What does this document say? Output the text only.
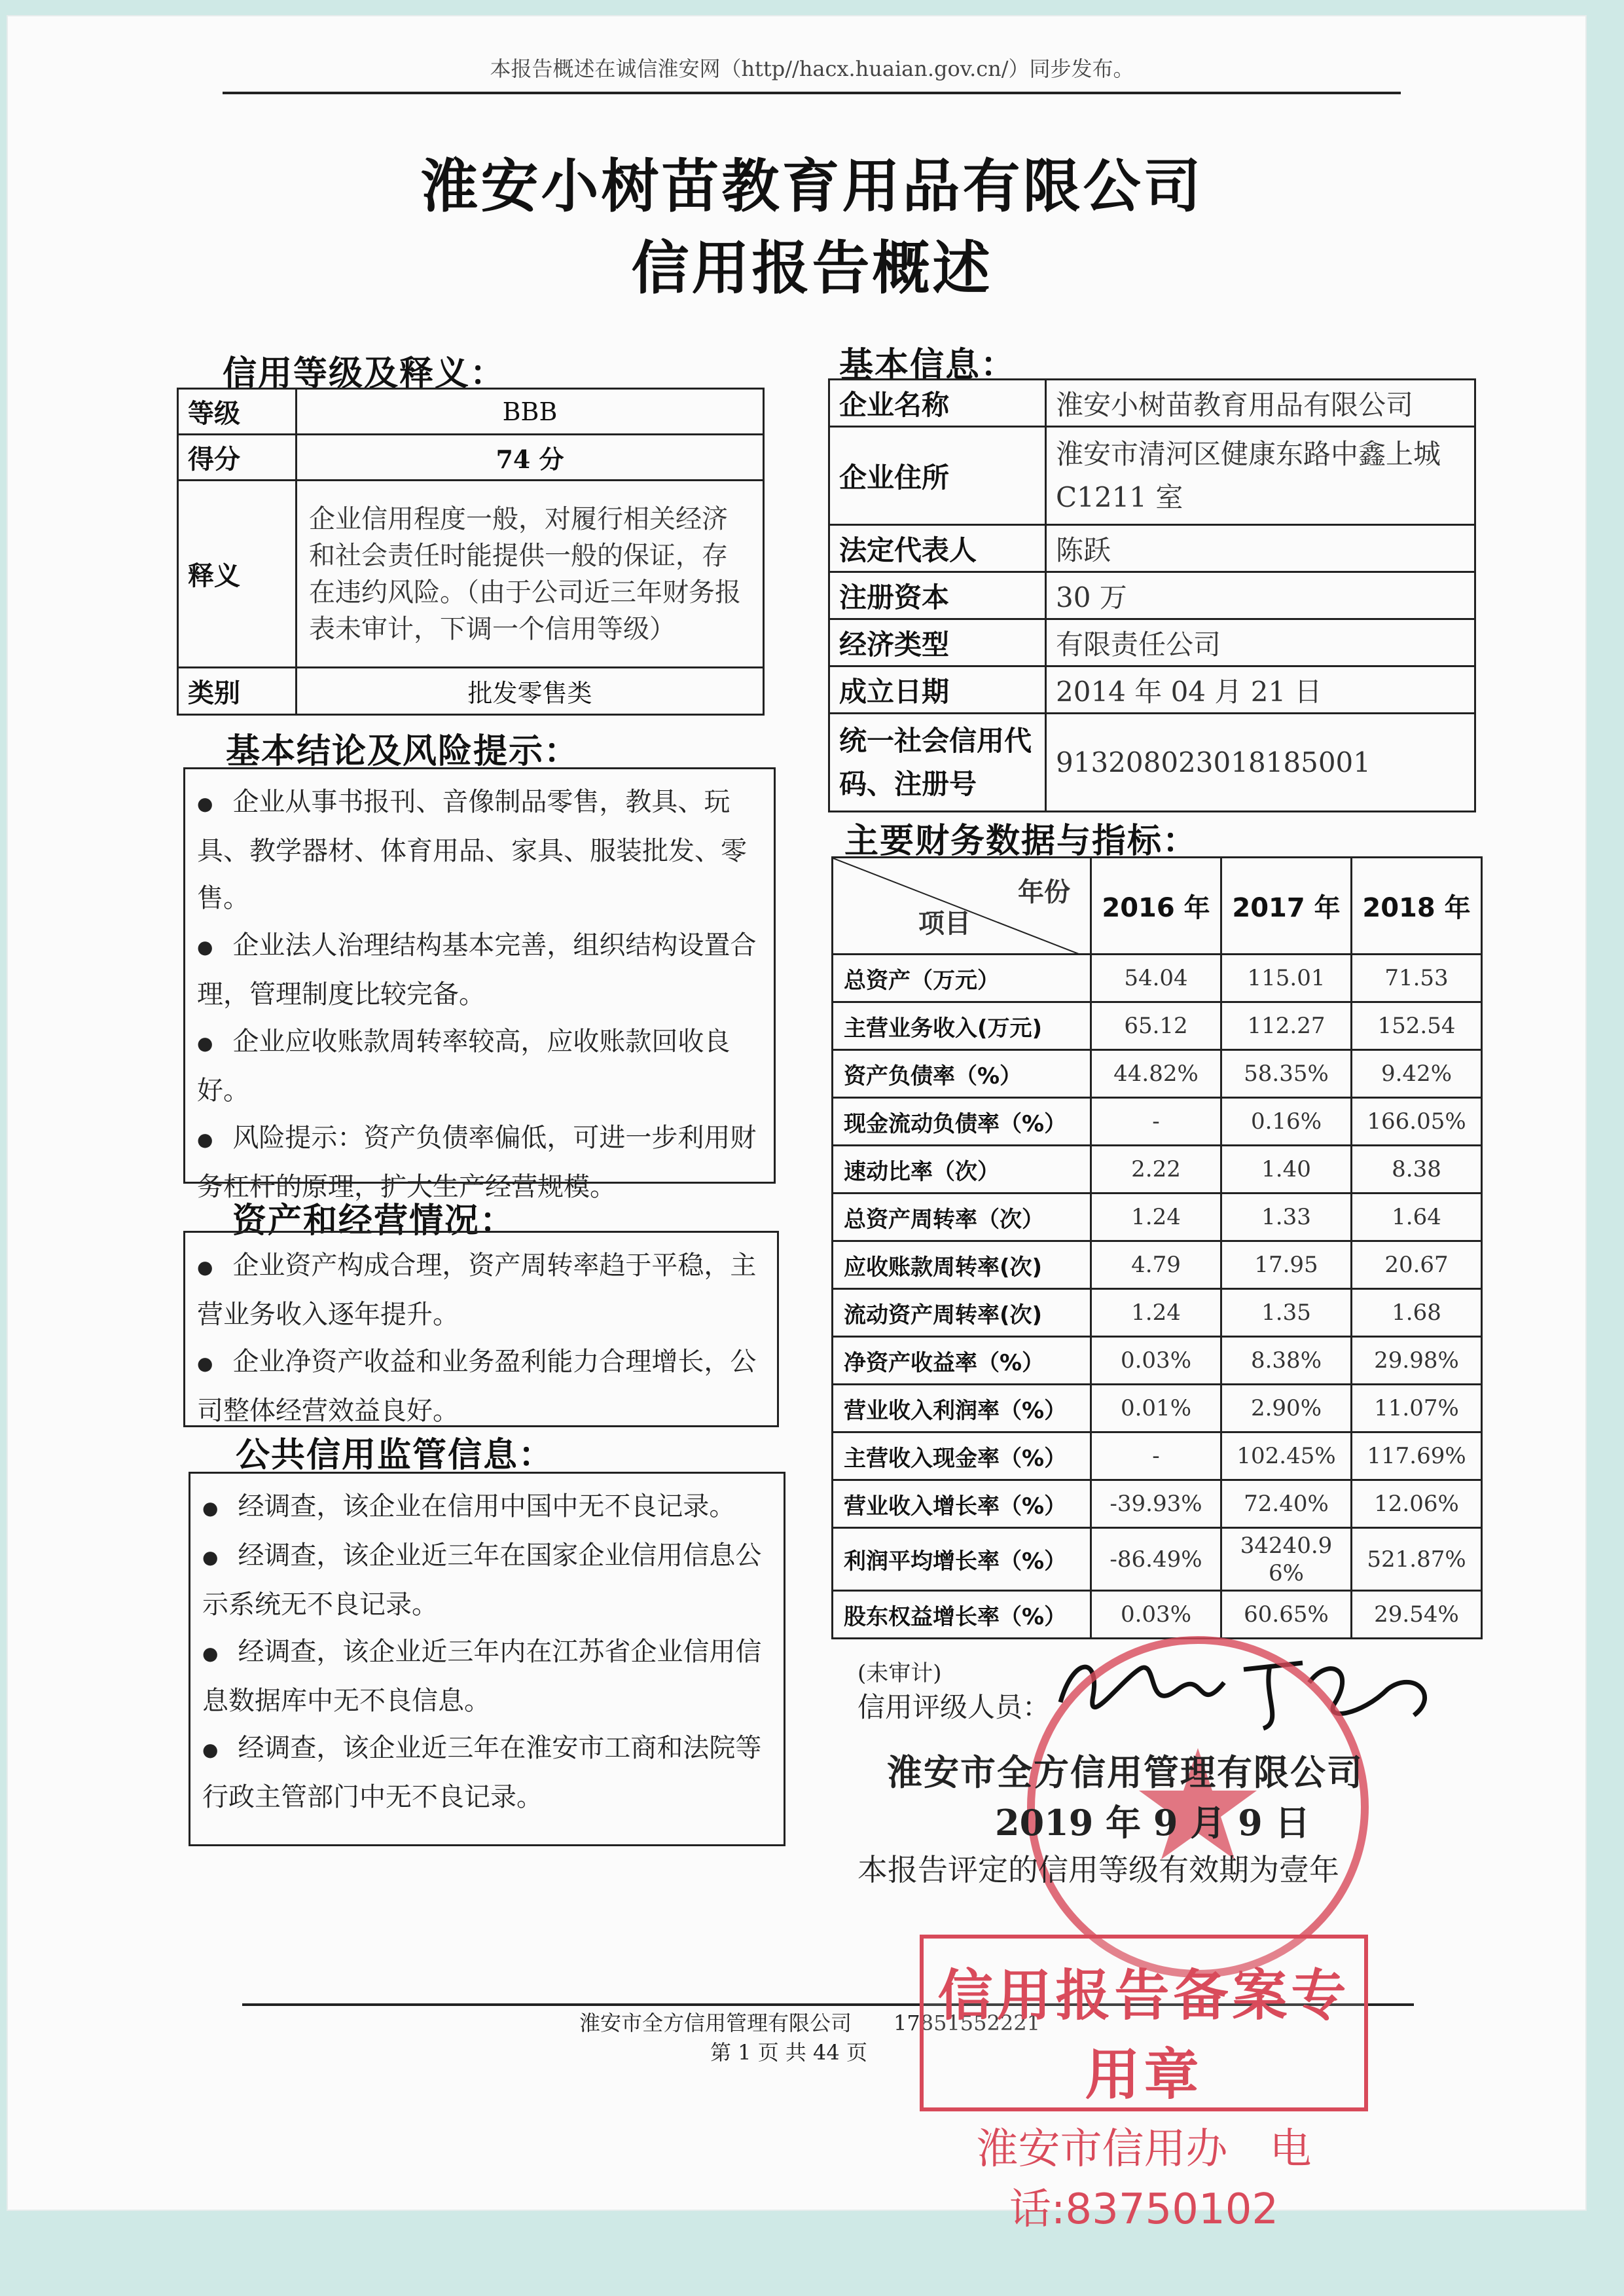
本报告概述在诚信淮安网（http//hacx.huaian.gov.cn/）同步发布。
淮安小树苗教育用品有限公司
信用报告概述
信用等级及释义：
等级	BBB
得分	74 分
释义	企业信用程度一般，对履行相关经济和社会责任时能提供一般的保证，存在违约风险。（由于公司近三年财务报表未审计，下调一个信用等级）
类别	批发零售类
基本结论及风险提示：

● 企业从事书报刊、音像制品零售，教具、玩具、教学器材、体育用品、家具、服装批发、零售。

● 企业法人治理结构基本完善，组织结构设置合理，管理制度比较完备。

● 企业应收账款周转率较高，应收账款回收良好。

● 风险提示：资产负债率偏低，可进一步利用财务杠杆的原理，扩大生产经营规模。

资产和经营情况：

● 企业资产构成合理，资产周转率趋于平稳，主营业务收入逐年提升。

● 企业净资产收益和业务盈利能力合理增长，公司整体经营效益良好。

公共信用监管信息：

● 经调查，该企业在信用中国中无不良记录。

● 经调查，该企业近三年在国家企业信用信息公示系统无不良记录。

● 经调查，该企业近三年内在江苏省企业信用信息数据库中无不良信息。

● 经调查，该企业近三年在淮安市工商和法院等行政主管部门中无不良记录。

基本信息：
企业名称	淮安小树苗教育用品有限公司
企业住所	淮安市清河区健康东路中鑫上城C1211 室
法定代表人	陈跃
注册资本	30 万
经济类型	有限责任公司
成立日期	2014 年 04 月 21 日
统一社会信用代码、注册号	913208023018185001
主要财务数据与指标：
年份
项目	2016 年	2017 年	2018 年
总资产（万元）	54.04	115.01	71.53
主营业务收入(万元)	65.12	112.27	152.54
资产负债率（%）	44.82%	58.35%	9.42%
现金流动负债率（%）	-	0.16%	166.05%
速动比率（次）	2.22	1.40	8.38
总资产周转率（次）	1.24	1.33	1.64
应收账款周转率(次)	4.79	17.95	20.67
流动资产周转率(次)	1.24	1.35	1.68
净资产收益率（%）	0.03%	8.38%	29.98%
营业收入利润率（%）	0.01%	2.90%	11.07%
主营收入现金率（%）	-	102.45%	117.69%
营业收入增长率（%）	-39.93%	72.40%	12.06%
利润平均增长率（%）	-86.49%	34240.96%	521.87%
股东权益增长率（%）	0.03%	60.65%	29.54%
(未审计)
信用评级人员：
淮安市全方信用管理有限公司
2019 年 9 月 9 日
本报告评定的信用等级有效期为壹年
淮安市全方信用管理有限公司　　17851552221
第 1 页 共 44 页
信用报告备案专用章
淮安市信用办　电话:83750102
